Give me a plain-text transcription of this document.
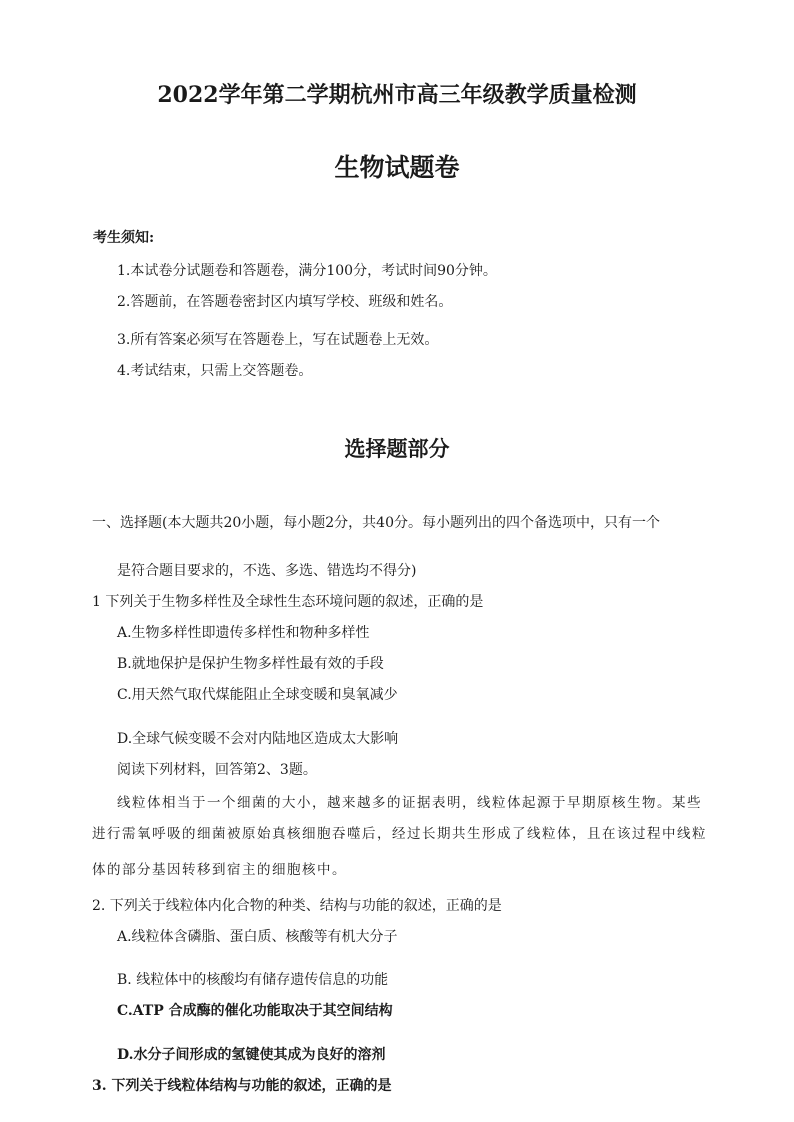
2022学年第二学期杭州市高三年级教学质量检测
生物试题卷
考生须知:
1.本试卷分试题卷和答题卷，满分100分，考试时间90分钟。
2.答题前，在答题卷密封区内填写学校、班级和姓名。
3.所有答案必须写在答题卷上，写在试题卷上无效。
4.考试结束，只需上交答题卷。
选择题部分
一、选择题(本大题共20小题，每小题2分，共40分。每小题列出的四个备选项中，只有一个
是符合题目要求的，不选、多选、错选均不得分)
1 下列关于生物多样性及全球性生态环境问题的叙述，正确的是
A.生物多样性即遗传多样性和物种多样性
B.就地保护是保护生物多样性最有效的手段
C.用天然气取代煤能阻止全球变暖和臭氧减少
D.全球气候变暖不会对内陆地区造成太大影响
阅读下列材料，回答第2、3题。
线粒体相当于一个细菌的大小，越来越多的证据表明，线粒体起源于早期原核生物。某些
进行需氧呼吸的细菌被原始真核细胞吞噬后，经过长期共生形成了线粒体，且在该过程中线粒
体的部分基因转移到宿主的细胞核中。
2. 下列关于线粒体内化合物的种类、结构与功能的叙述，正确的是
A.线粒体含磷脂、蛋白质、核酸等有机大分子
B. 线粒体中的核酸均有储存遗传信息的功能
C.ATP 合成酶的催化功能取决于其空间结构
D.水分子间形成的氢键使其成为良好的溶剂
3. 下列关于线粒体结构与功能的叙述，正确的是
